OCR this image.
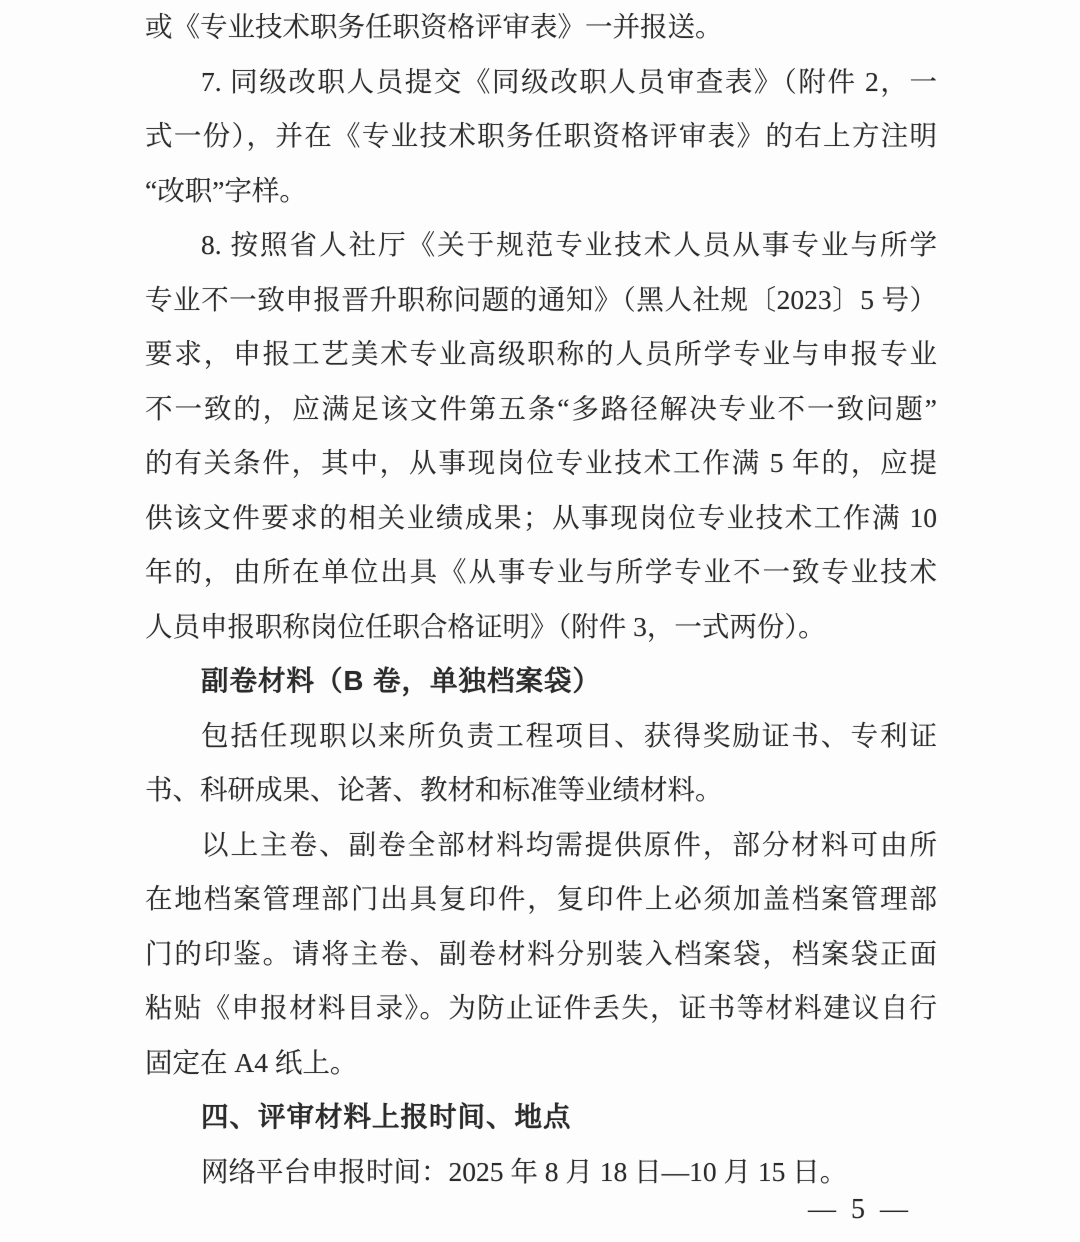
或《专业技术职务任职资格评审表》一并报送。
7. 同级改职人员提交《同级改职人员审查表》（附件 2，一
式一份），并在《专业技术职务任职资格评审表》的右上方注明
“改职”字样。
8. 按照省人社厅《关于规范专业技术人员从事专业与所学
专业不一致申报晋升职称问题的通知》（黑人社规〔2023〕5 号）
要求，申报工艺美术专业高级职称的人员所学专业与申报专业
不一致的，应满足该文件第五条“多路径解决专业不一致问题”
的有关条件，其中，从事现岗位专业技术工作满 5 年的，应提
供该文件要求的相关业绩成果；从事现岗位专业技术工作满 10
年的，由所在单位出具《从事专业与所学专业不一致专业技术
人员申报职称岗位任职合格证明》（附件 3，一式两份）。
副卷材料（B 卷，单独档案袋）
包括任现职以来所负责工程项目、获得奖励证书、专利证
书、科研成果、论著、教材和标准等业绩材料。
以上主卷、副卷全部材料均需提供原件，部分材料可由所
在地档案管理部门出具复印件，复印件上必须加盖档案管理部
门的印鉴。请将主卷、副卷材料分别装入档案袋，档案袋正面
粘贴《申报材料目录》。为防止证件丢失，证书等材料建议自行
固定在 A4 纸上。
四、评审材料上报时间、地点
网络平台申报时间：2025 年 8 月 18 日—10 月 15 日。
— 5 —
